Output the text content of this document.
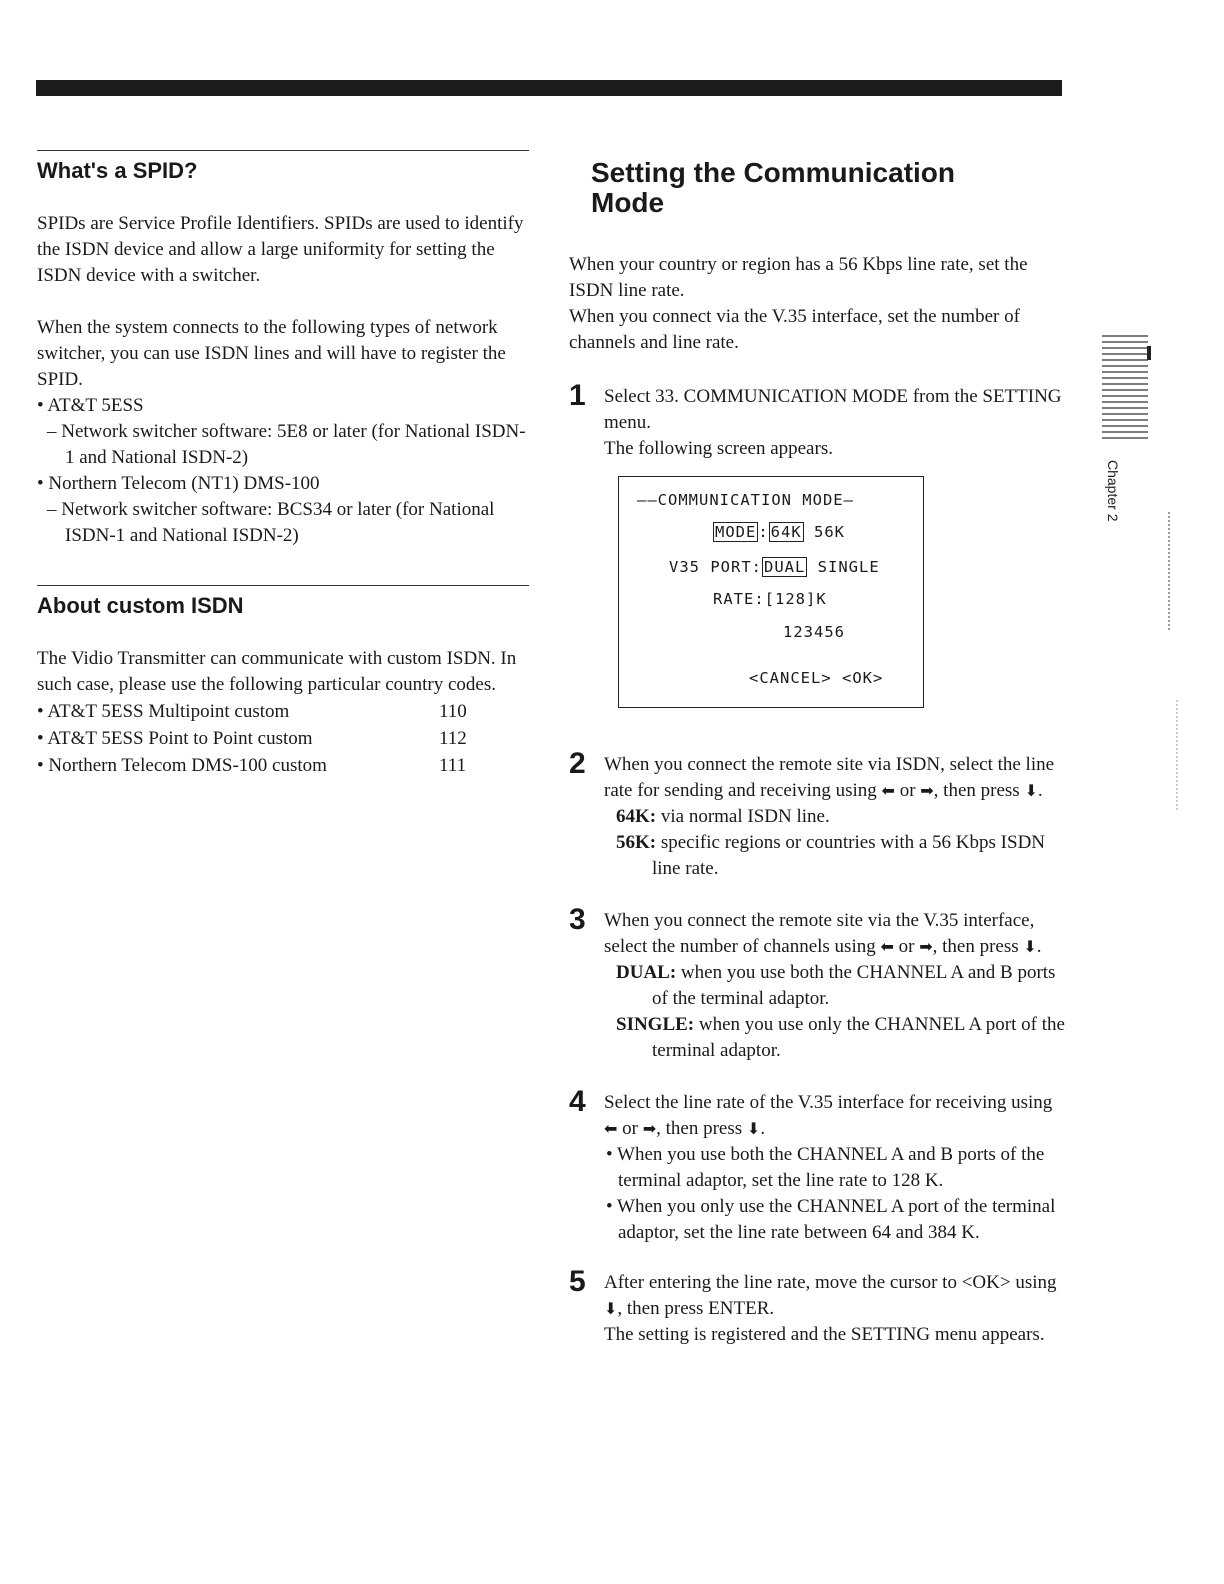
What's a SPID?

SPIDs are Service Profile Identifiers. SPIDs are used to identify the ISDN device and allow a large uniformity for setting the ISDN device with a switcher.

When the system connects to the following types of network switcher, you can use ISDN lines and will have to register the SPID.

• AT&T 5ESS
– Network switcher software: 5E8 or later (for National ISDN-1 and National ISDN-2)
• Northern Telecom (NT1) DMS-100
– Network switcher software: BCS34 or later (for National ISDN-1 and National ISDN-2)
About custom ISDN

The Vidio Transmitter can communicate with custom ISDN. In such case, please use the following particular country codes.

• AT&T 5ESS Multipoint custom	110
• AT&T 5ESS Point to Point custom	112
• Northern Telecom DMS-100 custom	111
Setting the Communication
Mode

When your country or region has a 56 Kbps line rate, set the ISDN line rate.

When you connect via the V.35 interface, set the number of channels and line rate.

1 Select 33. COMMUNICATION MODE from the SETTING menu.
The following screen appears.
——COMMUNICATION MODE—
MODE : 64K 56K
V35 PORT: DUAL SINGLE
RATE:[128]K
123456
<CANCEL> <OK>
2 When you connect the remote site via ISDN, select the line rate for sending and receiving using ⬅ or ➡, then press ⬇.
64K: via normal ISDN line.
56K: specific regions or countries with a 56 Kbps ISDN line rate.
3 When you connect the remote site via the V.35 interface, select the number of channels using ⬅ or ➡, then press ⬇.
DUAL: when you use both the CHANNEL A and B ports of the terminal adaptor.
SINGLE: when you use only the CHANNEL A port of the terminal adaptor.
4 Select the line rate of the V.35 interface for receiving using ⬅ or ➡, then press ⬇.
• When you use both the CHANNEL A and B ports of the terminal adaptor, set the line rate to 128 K.
• When you only use the CHANNEL A port of the terminal adaptor, set the line rate between 64 and 384 K.
5 After entering the line rate, move the cursor to <OK> using ⬇, then press ENTER.
The setting is registered and the SETTING menu appears.
Chapter 2
